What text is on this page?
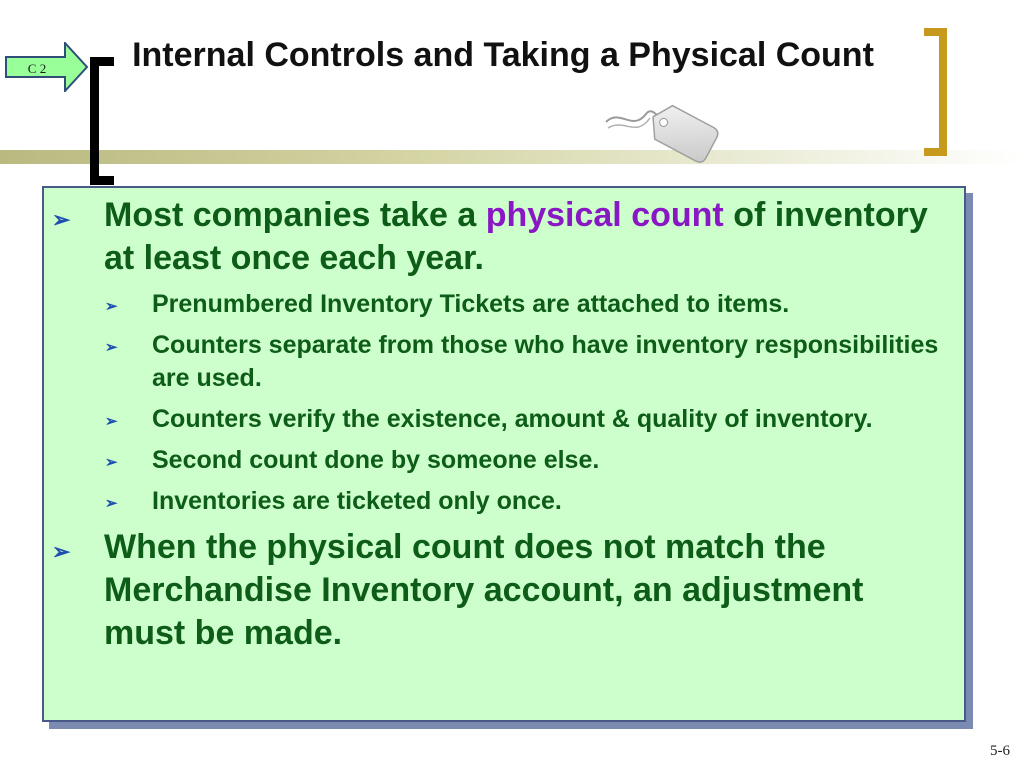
C 2	Internal Controls and Taking a Physical Count
➢ Most companies take a physical count of inventory at least once each year.
➢ Prenumbered Inventory Tickets are attached to items.
➢ Counters separate from those who have inventory responsibilities are used.
➢ Counters verify the existence, amount & quality of inventory.
➢ Second count done by someone else.
➢ Inventories are ticketed only once.
➢ When the physical count does not match the Merchandise Inventory account, an adjustment must be made.
5-6
